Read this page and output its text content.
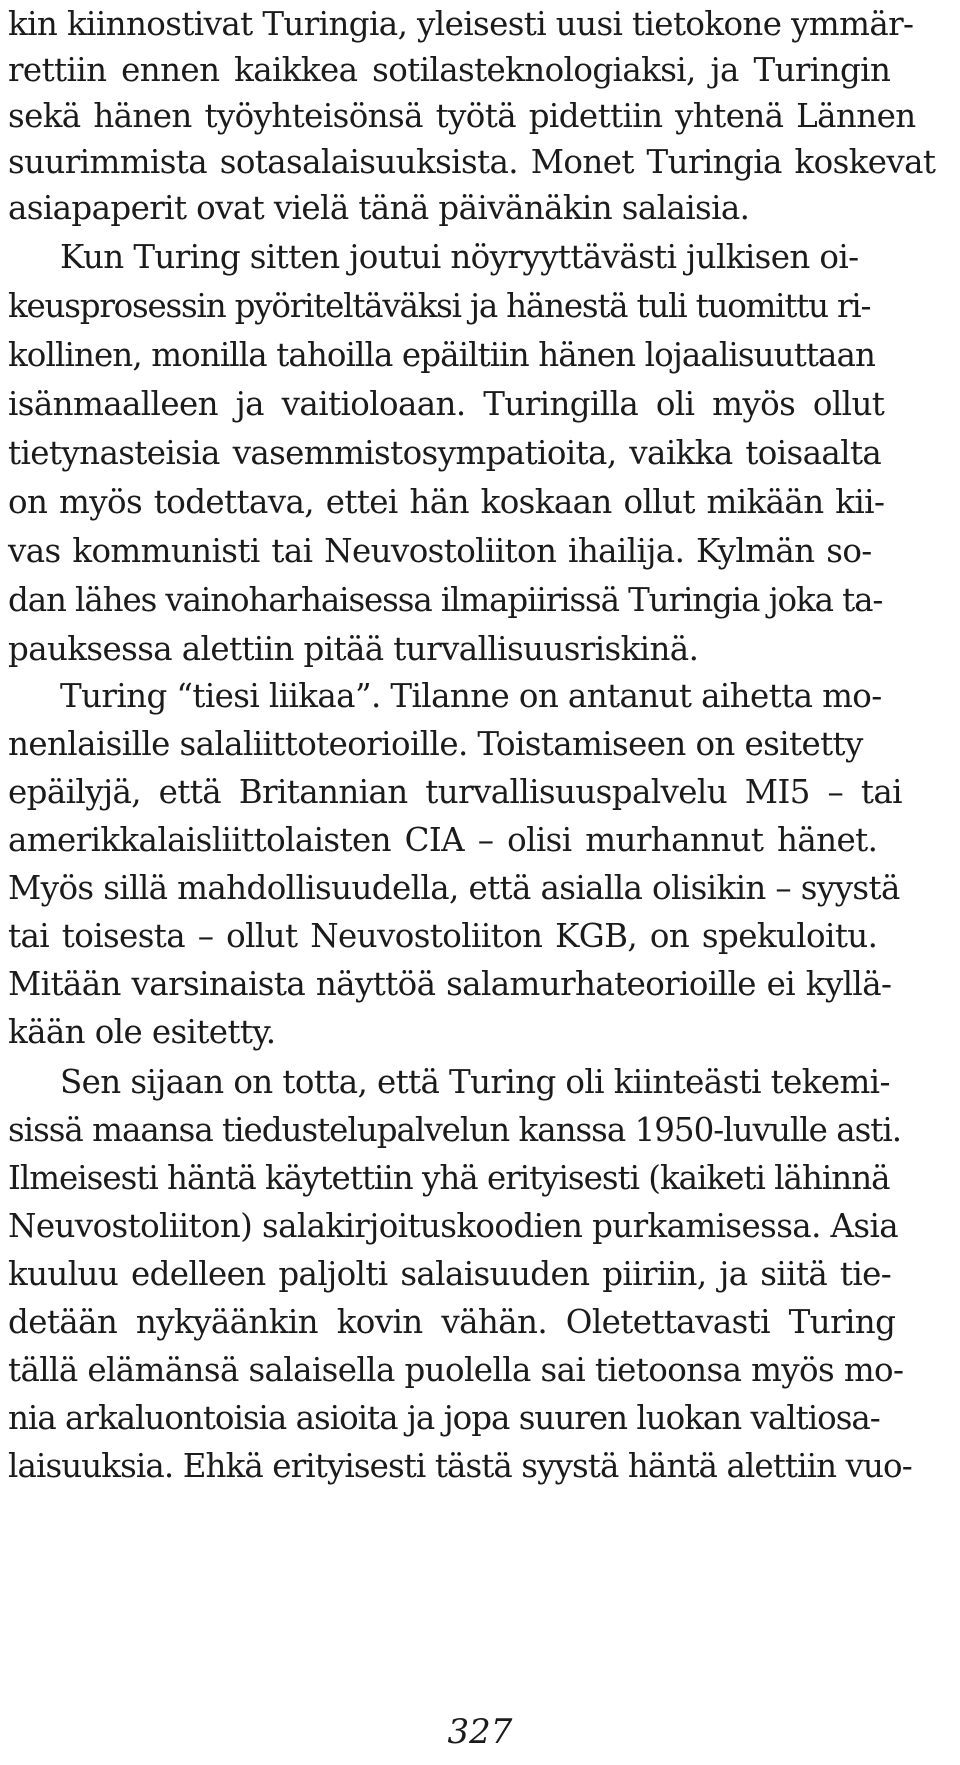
kin kiinnostivat Turingia, yleisesti uusi tietokone ymmär-
rettiin ennen kaikkea sotilasteknologiaksi, ja Turingin
sekä hänen työyhteisönsä työtä pidettiin yhtenä Lännen
suurimmista sotasalaisuuksista. Monet Turingia koskevat
asiapaperit ovat vielä tänä päivänäkin salaisia.
Kun Turing sitten joutui nöyryyttävästi julkisen oi-
keusprosessin pyöriteltäväksi ja hänestä tuli tuomittu ri-
kollinen, monilla tahoilla epäiltiin hänen lojaalisuuttaan
isänmaalleen ja vaitioloaan. Turingilla oli myös ollut
tietynasteisia vasemmistosympatioita, vaikka toisaalta
on myös todettava, ettei hän koskaan ollut mikään kii-
vas kommunisti tai Neuvostoliiton ihailija. Kylmän so-
dan lähes vainoharhaisessa ilmapiirissä Turingia joka ta-
pauksessa alettiin pitää turvallisuusriskinä.
Turing “tiesi liikaa”. Tilanne on antanut aihetta mo-
nenlaisille salaliittoteorioille. Toistamiseen on esitetty
epäilyjä, että Britannian turvallisuuspalvelu MI5 – tai
amerikkalaisliittolaisten CIA – olisi murhannut hänet.
Myös sillä mahdollisuudella, että asialla olisikin – syystä
tai toisesta – ollut Neuvostoliiton KGB, on spekuloitu.
Mitään varsinaista näyttöä salamurhateorioille ei kyllä-
kään ole esitetty.
Sen sijaan on totta, että Turing oli kiinteästi tekemi-
sissä maansa tiedustelupalvelun kanssa 1950-luvulle asti.
Ilmeisesti häntä käytettiin yhä erityisesti (kaiketi lähinnä
Neuvostoliiton) salakirjoituskoodien purkamisessa. Asia
kuuluu edelleen paljolti salaisuuden piiriin, ja siitä tie-
detään nykyäänkin kovin vähän. Oletettavasti Turing
tällä elämänsä salaisella puolella sai tietoonsa myös mo-
nia arkaluontoisia asioita ja jopa suuren luokan valtiosa-
laisuuksia. Ehkä erityisesti tästä syystä häntä alettiin vuo-
327
